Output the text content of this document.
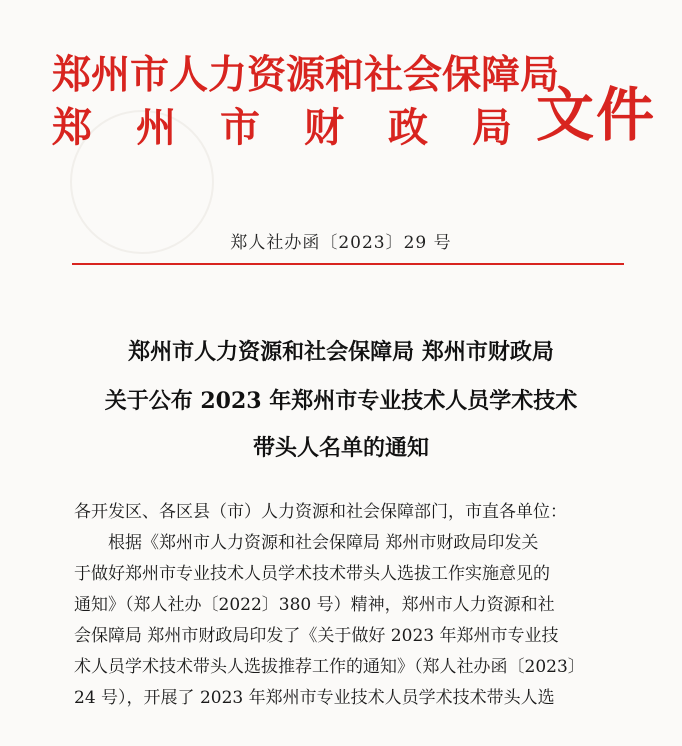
郑州市人力资源和社会保障局
郑 州 市 财 政 局 文件
郑人社办函〔2023〕29 号
郑州市人力资源和社会保障局 郑州市财政局
关于公布 2023 年郑州市专业技术人员学术技术
带头人名单的通知
各开发区、各区县（市）人力资源和社会保障部门，市直各单位：
根据《郑州市人力资源和社会保障局 郑州市财政局印发关
于做好郑州市专业技术人员学术技术带头人选拔工作实施意见的
通知》（郑人社办〔2022〕380 号）精神，郑州市人力资源和社
会保障局 郑州市财政局印发了《关于做好 2023 年郑州市专业技
术人员学术技术带头人选拔推荐工作的通知》（郑人社办函〔2023〕
24 号），开展了 2023 年郑州市专业技术人员学术技术带头人选
